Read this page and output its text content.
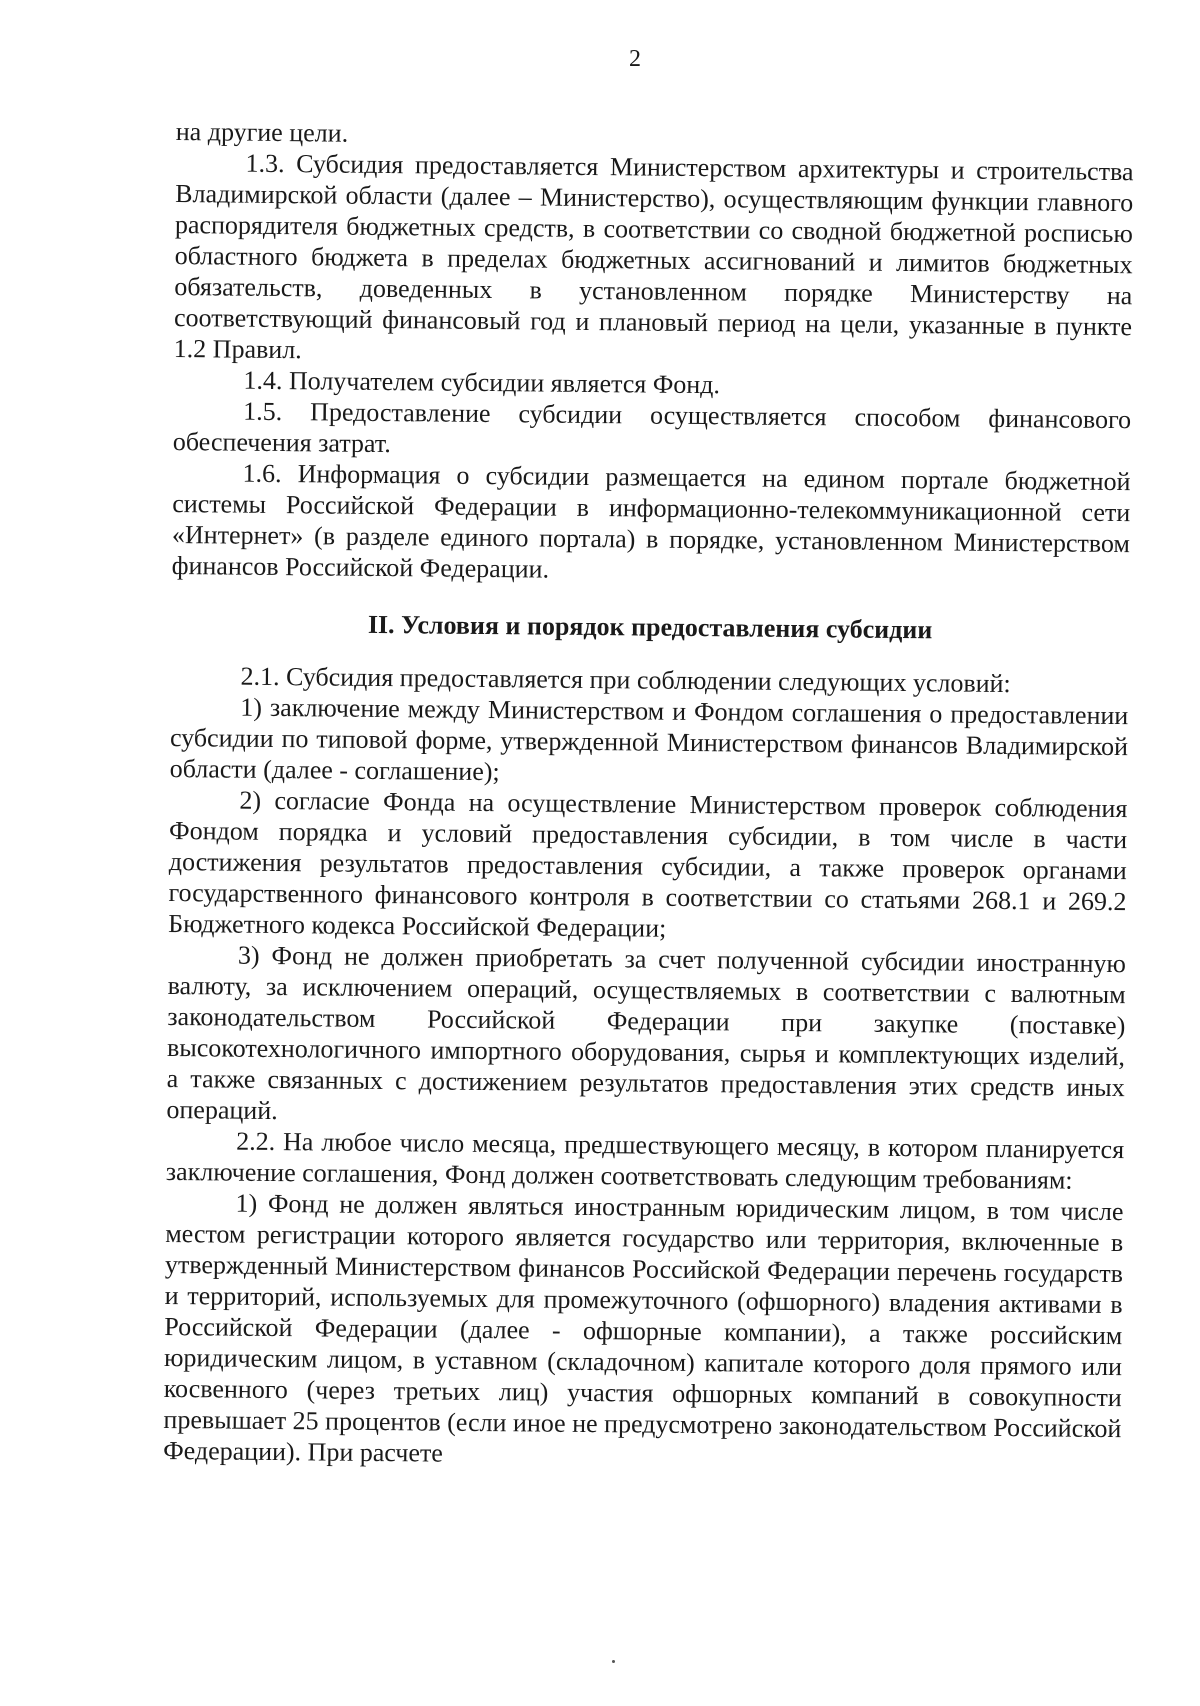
2

на другие цели.

1.3. Субсидия предоставляется Министерством архитектуры и строительства Владимирской области (далее – Министерство), осуществляющим функции главного распорядителя бюджетных средств, в соответствии со сводной бюджетной росписью областного бюджета в пределах бюджетных ассигнований и лимитов бюджетных обязательств, доведенных в установленном порядке Министерству на соответствующий финансовый год и плановый период на цели, указанные в пункте 1.2 Правил.

1.4. Получателем субсидии является Фонд.

1.5. Предоставление субсидии осуществляется способом финансового обеспечения затрат.

1.6. Информация о субсидии размещается на едином портале бюджетной системы Российской Федерации в информационно-телекоммуникационной сети «Интернет» (в разделе единого портала) в порядке, установленном Министерством финансов Российской Федерации.

II. Условия и порядок предоставления субсидии

2.1. Субсидия предоставляется при соблюдении следующих условий:

1) заключение между Министерством и Фондом соглашения о предоставлении субсидии по типовой форме, утвержденной Министерством финансов Владимирской области (далее - соглашение);

2) согласие Фонда на осуществление Министерством проверок соблюдения Фондом порядка и условий предоставления субсидии, в том числе в части достижения результатов предоставления субсидии, а также проверок органами государственного финансового контроля в соответствии со статьями 268.1 и 269.2 Бюджетного кодекса Российской Федерации;

3) Фонд не должен приобретать за счет полученной субсидии иностранную валюту, за исключением операций, осуществляемых в соответствии с валютным законодательством Российской Федерации при закупке (поставке) высокотехнологичного импортного оборудования, сырья и комплектующих изделий, а также связанных с достижением результатов предоставления этих средств иных операций.

2.2. На любое число месяца, предшествующего месяцу, в котором планируется заключение соглашения, Фонд должен соответствовать следующим требованиям:

1) Фонд не должен являться иностранным юридическим лицом, в том числе местом регистрации которого является государство или территория, включенные в утвержденный Министерством финансов Российской Федерации перечень государств и территорий, используемых для промежуточного (офшорного) владения активами в Российской Федерации (далее - офшорные компании), а также российским юридическим лицом, в уставном (складочном) капитале которого доля прямого или косвенного (через третьих лиц) участия офшорных компаний в совокупности превышает 25 процентов (если иное не предусмотрено законодательством Российской Федерации). При расчете
